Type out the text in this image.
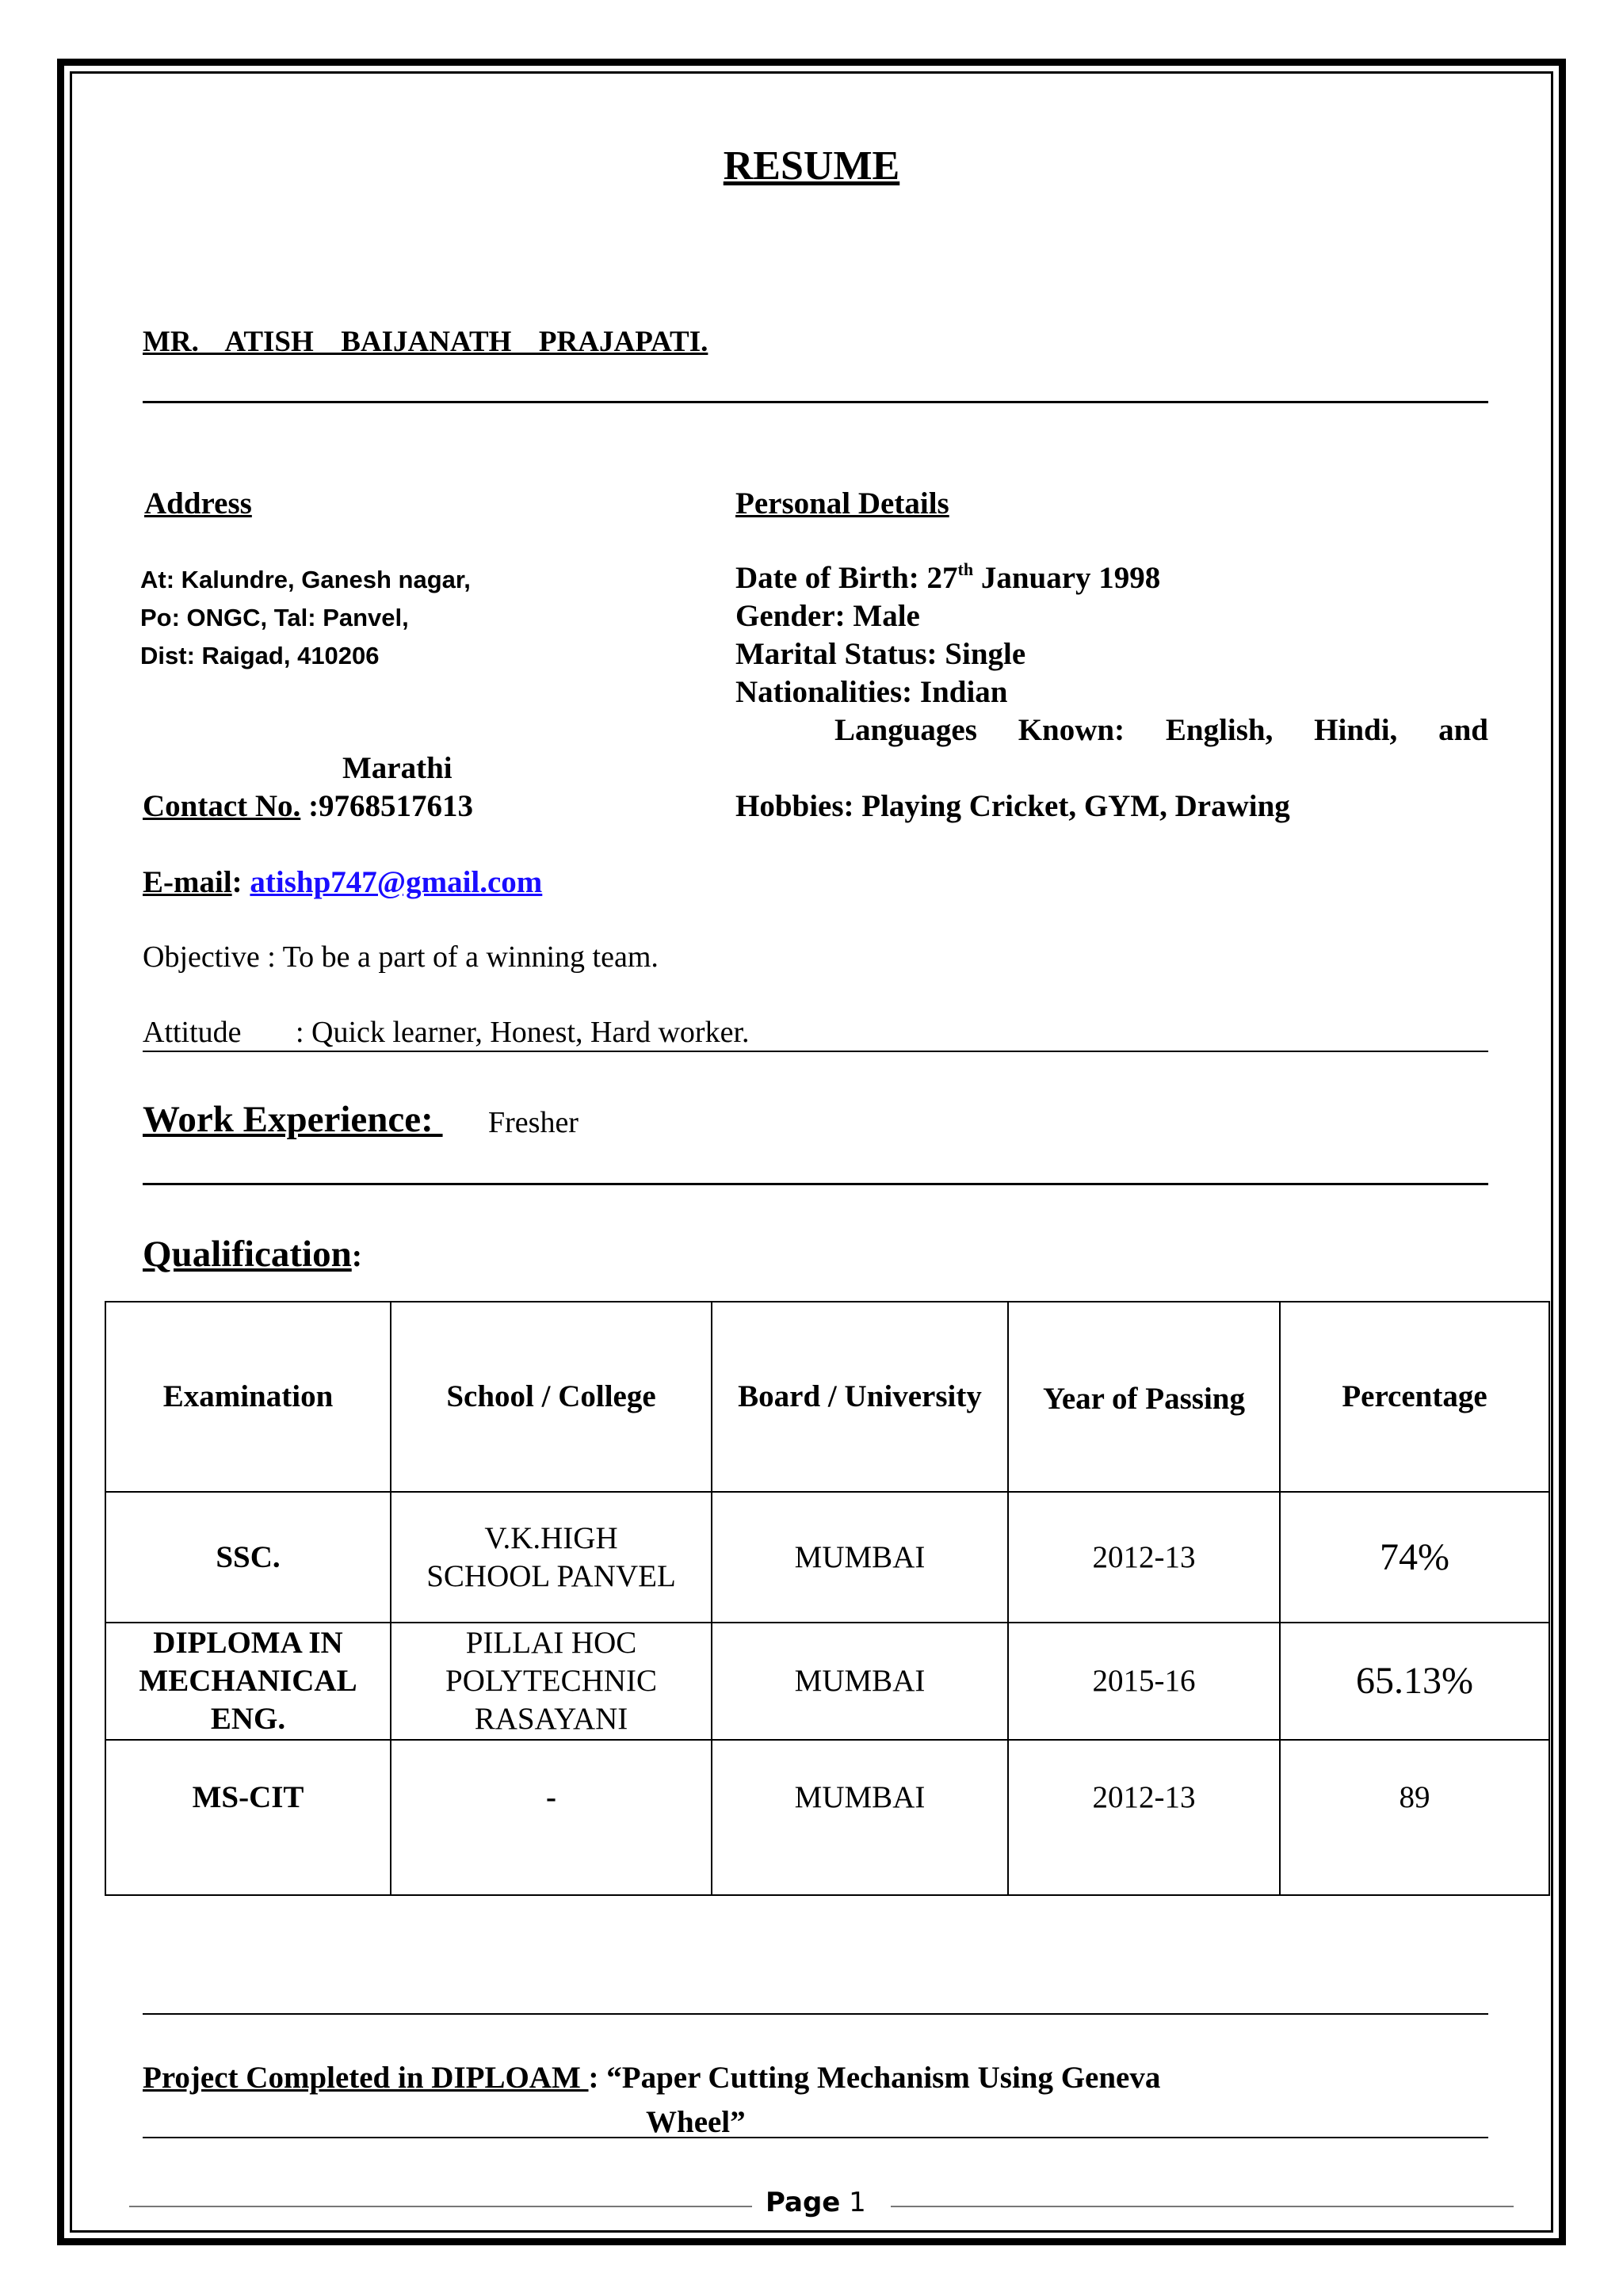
RESUME
MR.  ATISH  BAIJANATH  PRAJAPATI.
Address
At: Kalundre, Ganesh nagar,
Po: ONGC, Tal: Panvel,
Dist: Raigad, 410206
Personal Details
Date of Birth: 27th January 1998
Gender: Male
Marital Status: Single
Nationalities: Indian
Languages Known: English, Hindi, and
Marathi
Hobbies: Playing Cricket, GYM, Drawing
Contact No. :9768517613
E-mail: atishp747@gmail.com
Objective : To be a part of a winning team.
Attitude : Quick learner, Honest, Hard worker.
Work Experience: Fresher
Qualification:
Examination	School / College	Board / University	Year of Passing	Percentage
SSC.	V.K.HIGH SCHOOL PANVEL	MUMBAI	2012-13	74%
DIPLOMA IN MECHANICAL ENG.	PILLAI HOC POLYTECHNIC RASAYANI	MUMBAI	2015-16	65.13%
MS-CIT	-	MUMBAI	2012-13	89
Project Completed in DIPLOAM : “Paper Cutting Mechanism Using Geneva
Wheel”
Page 1
